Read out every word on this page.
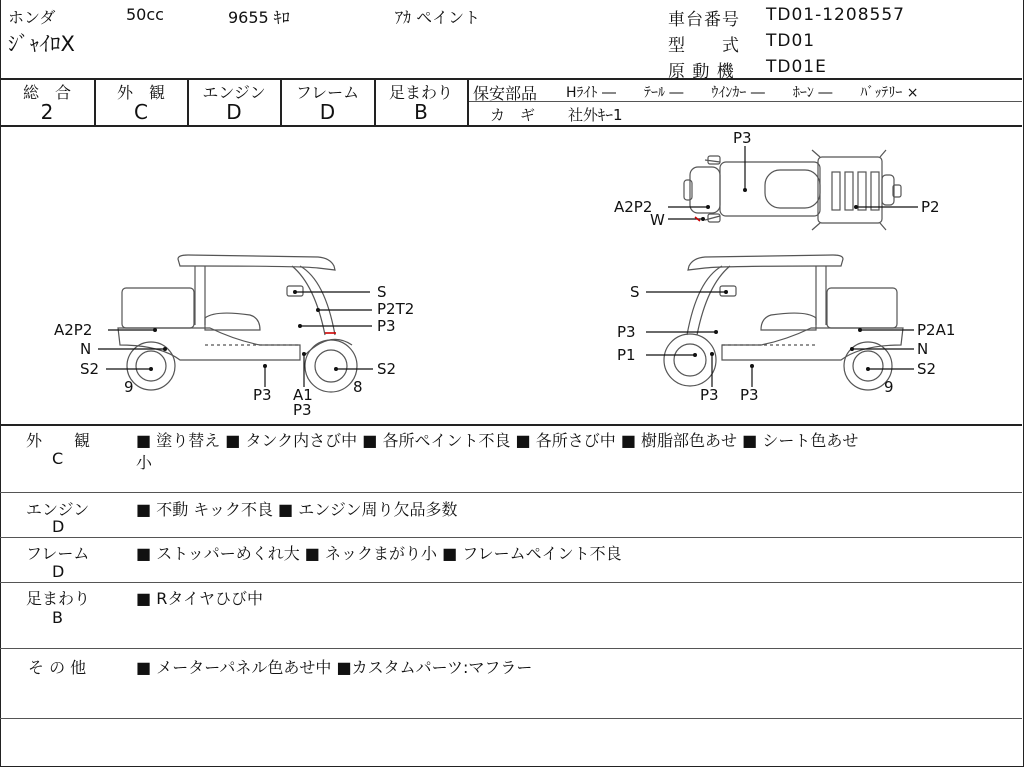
ホンダ	50cc	9655 ｷﾛ	ｱｶ ペイント
ｼﾞｬｲﾛX
車台番号 TD01-1208557
型　　式 TD01
原 動 機 TD01E
総　合
2
外　観
C
エンジン
D
フレーム
D
足まわり
B
保安部品 Hﾗｲﾄ ―　　ﾃｰﾙ ―　　ｳｲﾝｶｰ ―　　ﾎｰﾝ ―　　ﾊﾞｯﾃﾘｰ ×
カ　ギ 社外ｷｰ1
P3
A2P2
W
P2
S
P2T2
P3
A2P2
N
S2	S2
9	P3 A1
P3
8
S
P3
P1
P2A1
N
S2
9
P3 P3
外　　観
C
■ 塗り替え ■ タンク内さび中 ■ 各所ペイント不良 ■ 各所さび中 ■ 樹脂部色あせ ■ シート色あせ
小
エンジン
D
■ 不動 キック不良 ■ エンジン周り欠品多数
フレーム
D
■ ストッパーめくれ大 ■ ネックまがり小 ■ フレームペイント不良
足まわり
B
■ Rタイヤひび中
そ の 他	■ メーターパネル色あせ中 ■カスタムパーツ:マフラー
